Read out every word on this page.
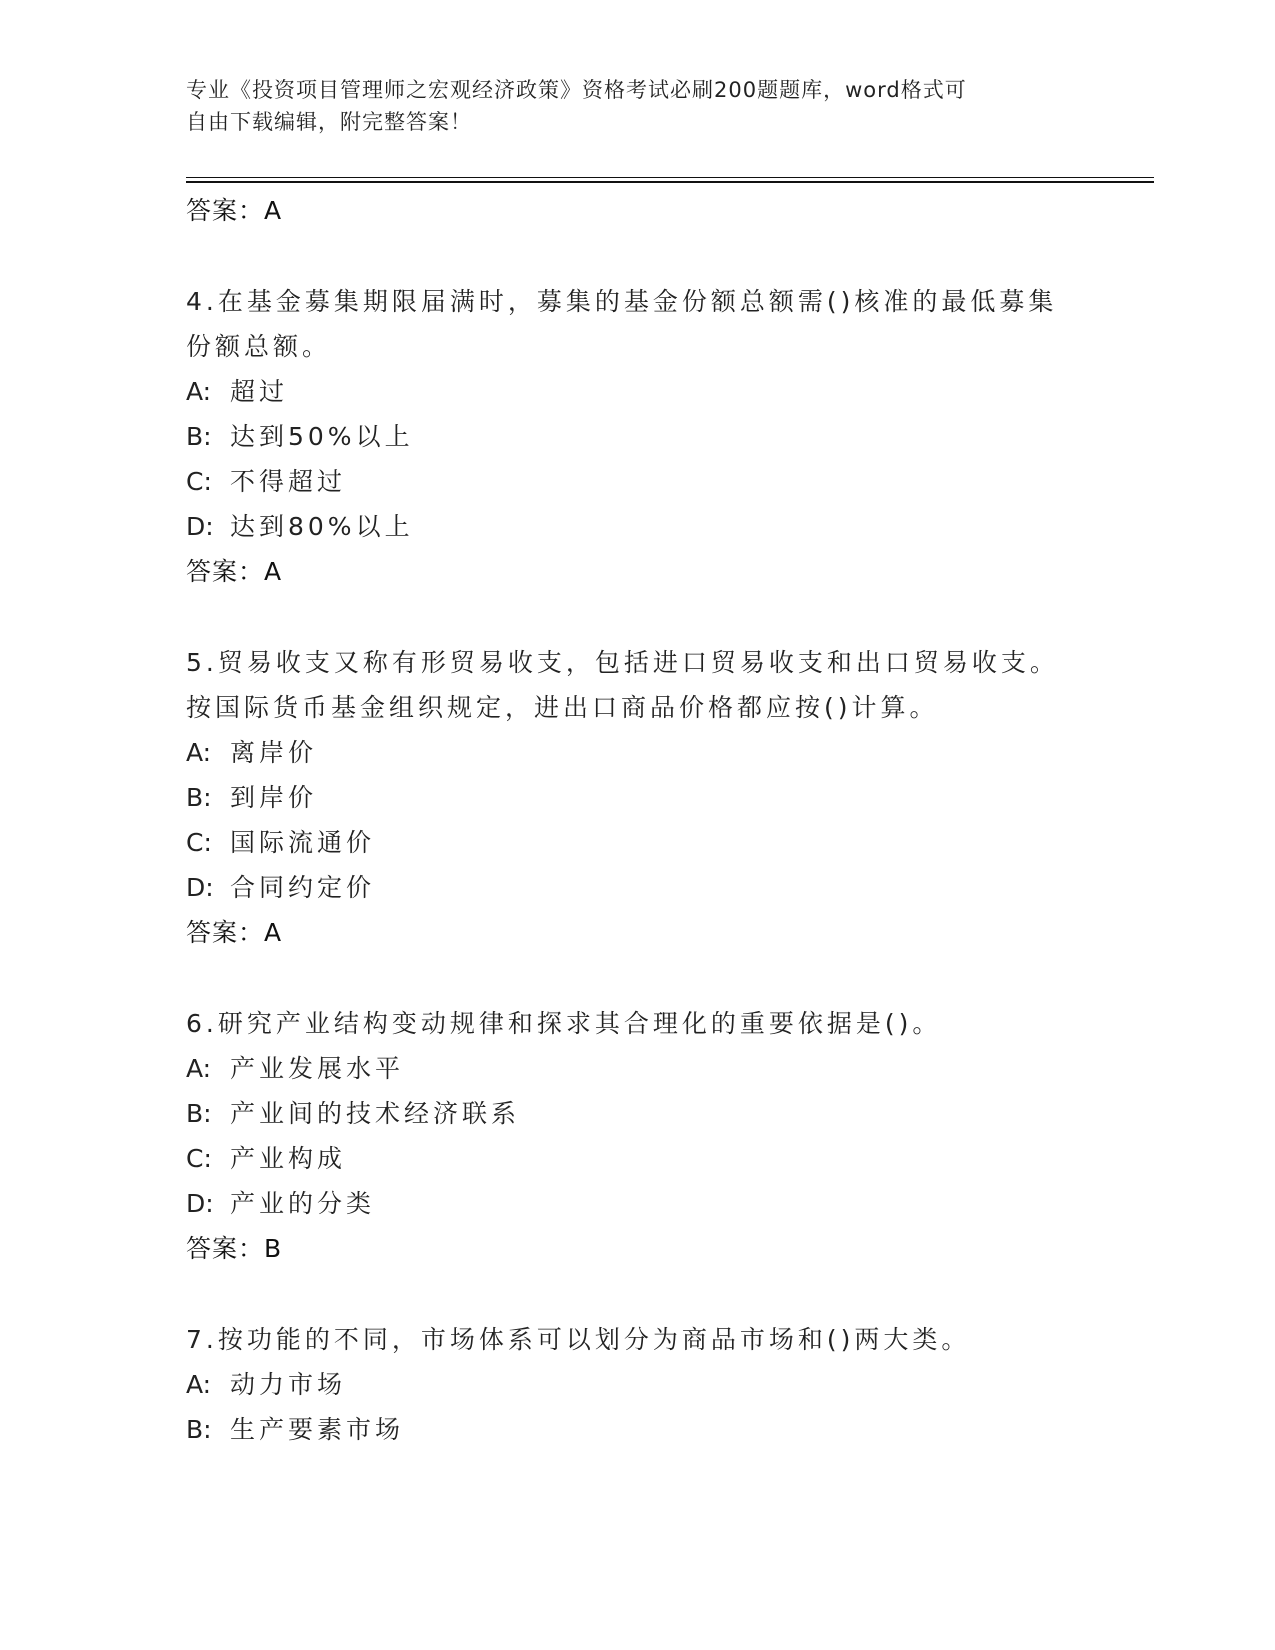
专业《投资项目管理师之宏观经济政策》资格考试必刷200题题库，word格式可
自由下载编辑，附完整答案！
答案：A
4.在基金募集期限届满时，募集的基金份额总额需()核准的最低募集
份额总额。
A: 超过
B: 达到50%以上
C: 不得超过
D: 达到80%以上
答案：A
5.贸易收支又称有形贸易收支，包括进口贸易收支和出口贸易收支。
按国际货币基金组织规定，进出口商品价格都应按()计算。
A: 离岸价
B: 到岸价
C: 国际流通价
D: 合同约定价
答案：A
6.研究产业结构变动规律和探求其合理化的重要依据是()。
A: 产业发展水平
B: 产业间的技术经济联系
C: 产业构成
D: 产业的分类
答案：B
7.按功能的不同，市场体系可以划分为商品市场和()两大类。
A: 动力市场
B: 生产要素市场
